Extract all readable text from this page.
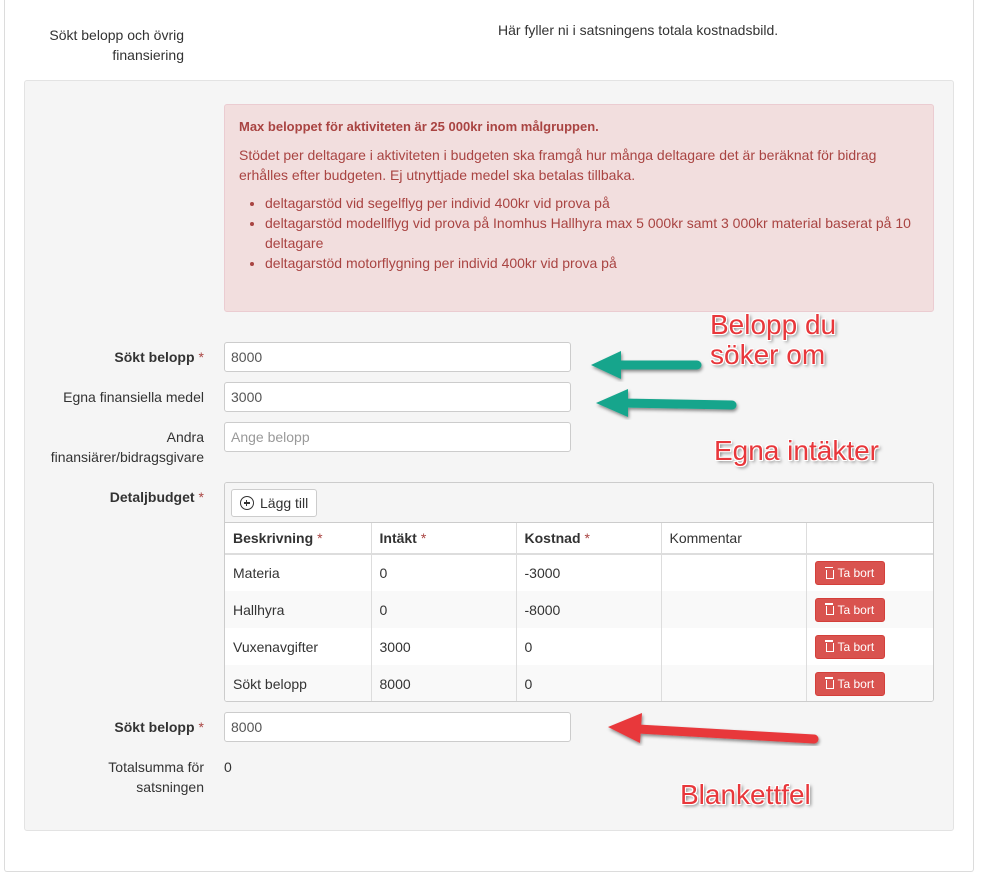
Sökt belopp och övrig finansiering
Här fyller ni i satsningens totala kostnadsbild.
Max beloppet för aktiviteten är 25 000kr inom målgruppen.
Stödet per deltagare i aktiviteten i budgeten ska framgå hur många deltagare det är beräknat för bidrag erhålles efter budgeten. Ej utnyttjade medel ska betalas tillbaka.
• deltagarstöd vid segelflyg per individ 400kr vid prova på
• deltagarstöd modellflyg vid prova på Inomhus Hallhyra max 5 000kr samt 3 000kr material baserat på 10 deltagare
• deltagarstöd motorflygning per individ 400kr vid prova på
Sökt belopp *
8000
Egna finansiella medel
3000
Andra finansiärer/bidragsgivare
Ange belopp
Detaljbudget *	Lägg till
Beskrivning *	Intäkt *	Kostnad *	Kommentar	
Materia	0	-3000		Ta bort

Hallhyra	0	-8000		Ta bort

Vuxenavgifter	3000	0		Ta bort

Sökt belopp	8000	0		Ta bort
Sökt belopp *
8000
Totalsumma för satsningen
0
Belopp du söker om
Egna intäkter
Blankettfel
